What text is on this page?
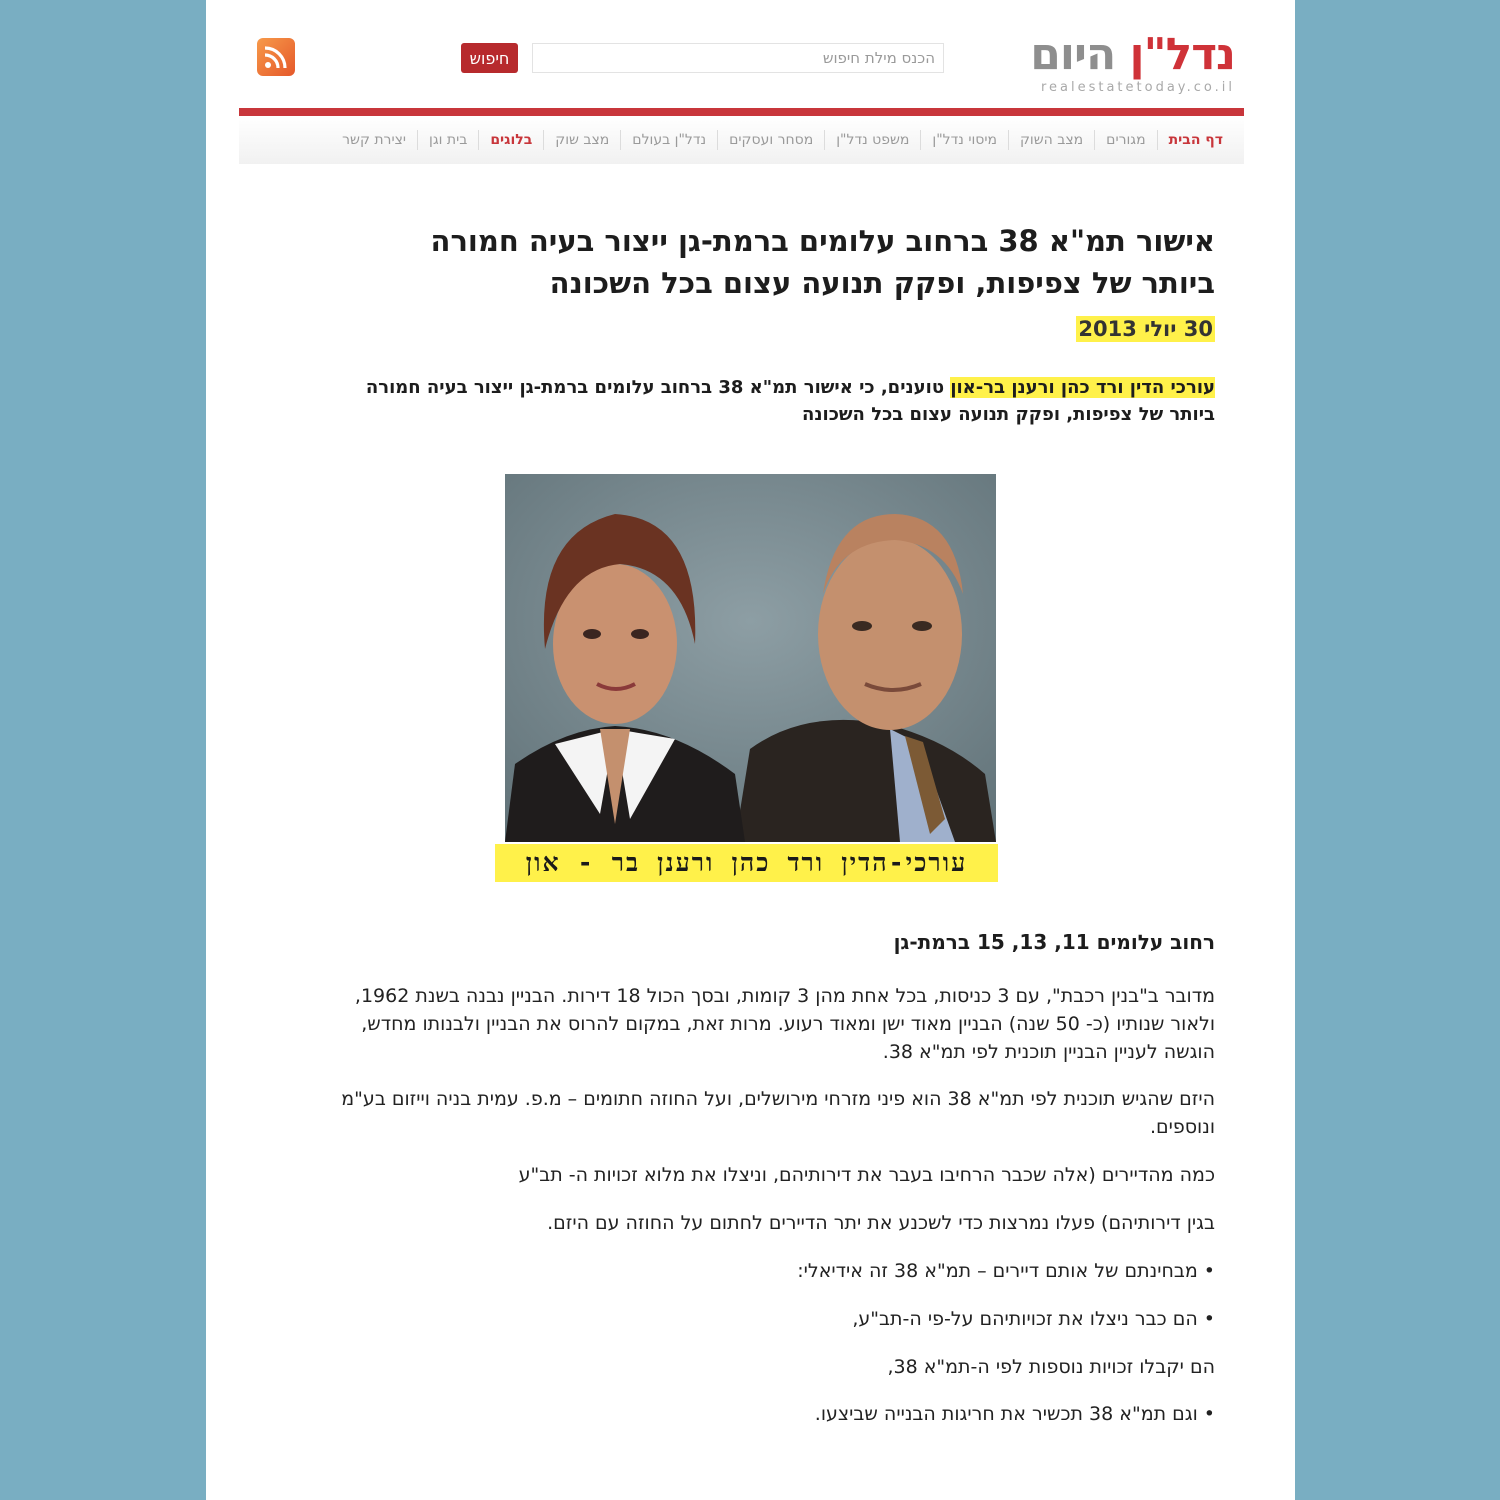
חיפוש
הכנס מילת חיפוש	נדל"ן היום
realestatetoday.co.il
דף הבית
מגורים
מצב השוק
מיסוי נדל"ן
משפט נדל"ן
מסחר ועסקים
נדל"ן בעולם
מצב שוק
בלוגים
בית וגן
יצירת קשר
אישור תמ"א 38 ברחוב עלומים ברמת-גן ייצור בעיה חמורה ביותר של צפיפות, ופקק תנועה עצום בכל השכונה
30 יולי 2013
עורכי הדין ורד כהן ורענן בר-און טוענים, כי אישור תמ"א 38 ברחוב עלומים ברמת-גן ייצור בעיה חמורה ביותר של צפיפות, ופקק תנועה עצום בכל השכונה
עורכי-הדין ורד כהן ורענן בר - און
רחוב עלומים 11, 13, 15 ברמת-גן
מדובר ב"בנין רכבת", עם 3 כניסות, בכל אחת מהן 3 קומות, ובסך הכול 18 דירות. הבניין נבנה בשנת 1962, ולאור שנותיו (כ- 50 שנה) הבניין מאוד ישן ומאוד רעוע. מרות זאת, במקום להרוס את הבניין ולבנותו מחדש, הוגשה לעניין הבניין תוכנית לפי תמ"א 38.
היזם שהגיש תוכנית לפי תמ"א 38 הוא פיני מזרחי מירושלים, ועל החוזה חתומים – מ.פ. עמית בניה וייזום בע"מ ונוספים.
כמה מהדיירים (אלה שכבר הרחיבו בעבר את דירותיהם, וניצלו את מלוא זכויות ה- תב"ע
בגין דירותיהם) פעלו נמרצות כדי לשכנע את יתר הדיירים לחתום על החוזה עם היזם.
• מבחינתם של אותם דיירים – תמ"א 38 זה אידיאלי:
• הם כבר ניצלו את זכויותיהם על-פי ה-תב"ע,
הם יקבלו זכויות נוספות לפי ה-תמ"א 38,
• וגם תמ"א 38 תכשיר את חריגות הבנייה שביצעו.
